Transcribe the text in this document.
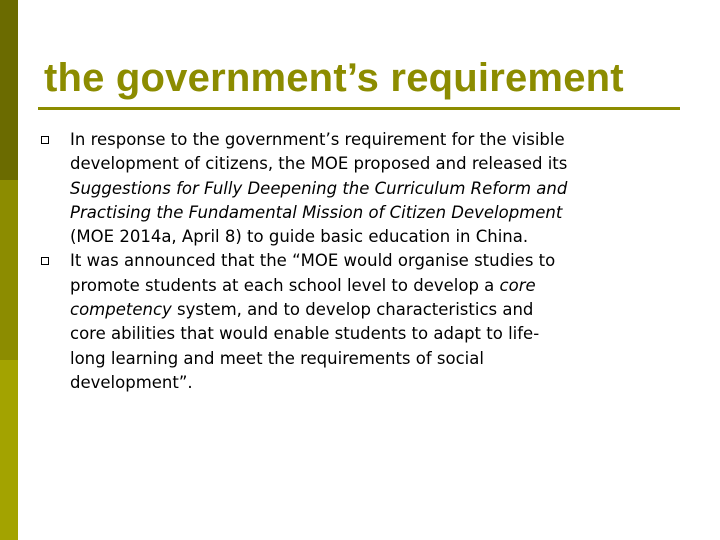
the government’s requirement
In response to the government’s requirement for the visible
development of citizens, the MOE proposed and released its
Suggestions for Fully Deepening the Curriculum Reform and
Practising the Fundamental Mission of Citizen Development
(MOE 2014a, April 8) to guide basic education in China.
It was announced that the “MOE would organise studies to
promote students at each school level to develop a core
competency system, and to develop characteristics and
core abilities that would enable students to adapt to life-
long learning and meet the requirements of social
development”.
